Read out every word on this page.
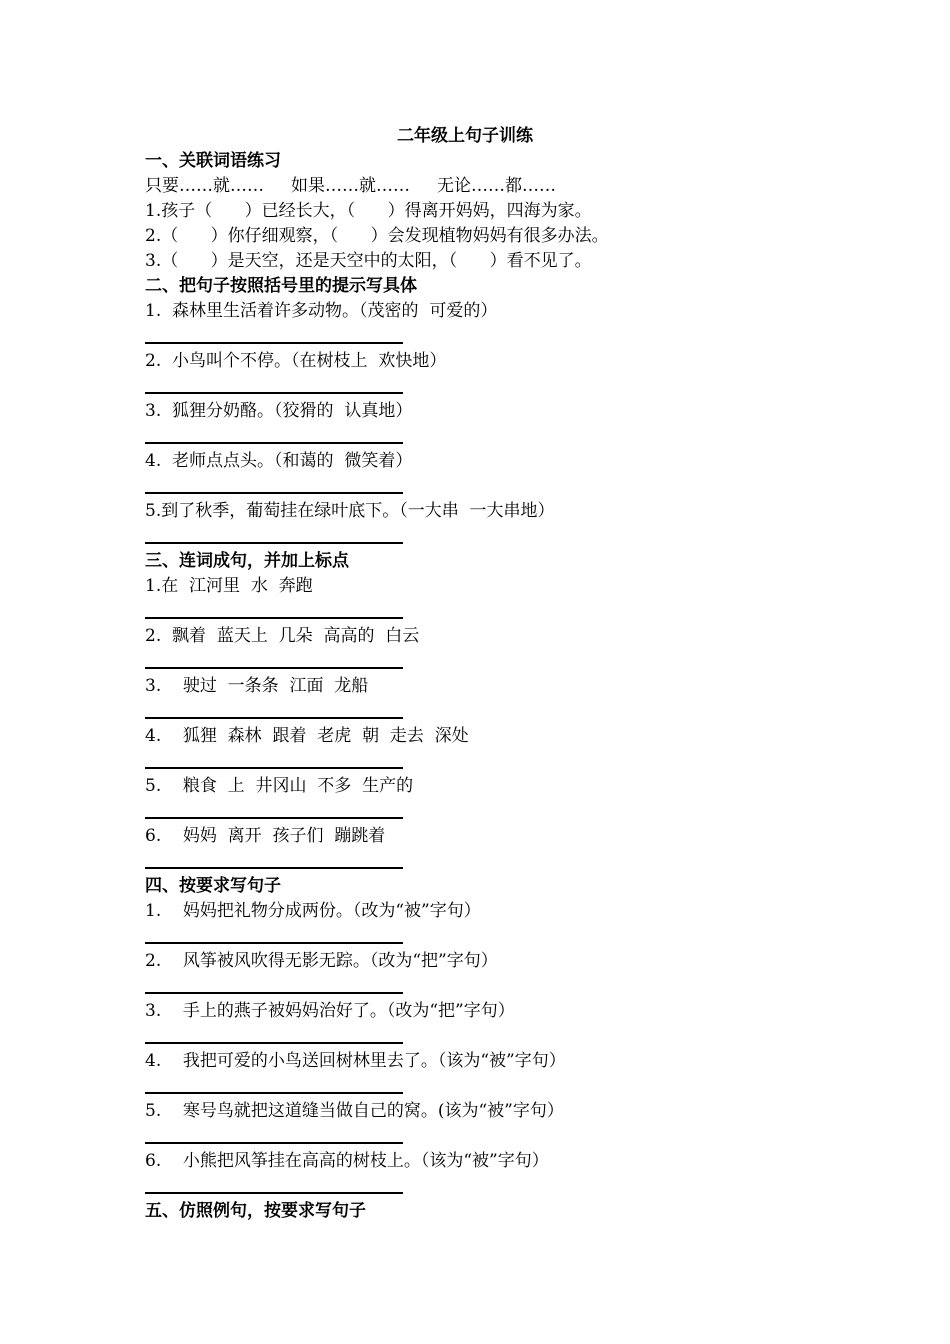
二年级上句子训练
一、关联词语练习
只要……就……     如果……就……     无论……都……
1.孩子（      ）已经长大，（      ）得离开妈妈，四海为家。
2.（      ）你仔细观察，（      ）会发现植物妈妈有很多办法。
3.（      ）是天空，还是天空中的太阳，（      ）看不见了。
二、把句子按照括号里的提示写具体
1.  森林里生活着许多动物。（茂密的  可爱的）
2.  小鸟叫个不停。（在树枝上  欢快地）
3.  狐狸分奶酪。（狡猾的  认真地）
4.  老师点点头。（和蔼的  微笑着）
5.到了秋季，葡萄挂在绿叶底下。（一大串  一大串地）
三、连词成句，并加上标点
1.在  江河里  水  奔跑
2.  飘着  蓝天上  几朵  高高的  白云
3.    驶过  一条条  江面  龙船
4.    狐狸  森林  跟着  老虎  朝  走去  深处
5.    粮食  上  井冈山  不多  生产的
6.    妈妈  离开  孩子们  蹦跳着
四、按要求写句子
1.    妈妈把礼物分成两份。（改为“被”字句）
2.    风筝被风吹得无影无踪。（改为“把”字句）
3.    手上的燕子被妈妈治好了。（改为“把”字句）
4.    我把可爱的小鸟送回树林里去了。（该为“被”字句）
5.    寒号鸟就把这道缝当做自己的窝。(该为“被”字句）
6.    小熊把风筝挂在高高的树枝上。（该为“被”字句）
五、仿照例句，按要求写句子
